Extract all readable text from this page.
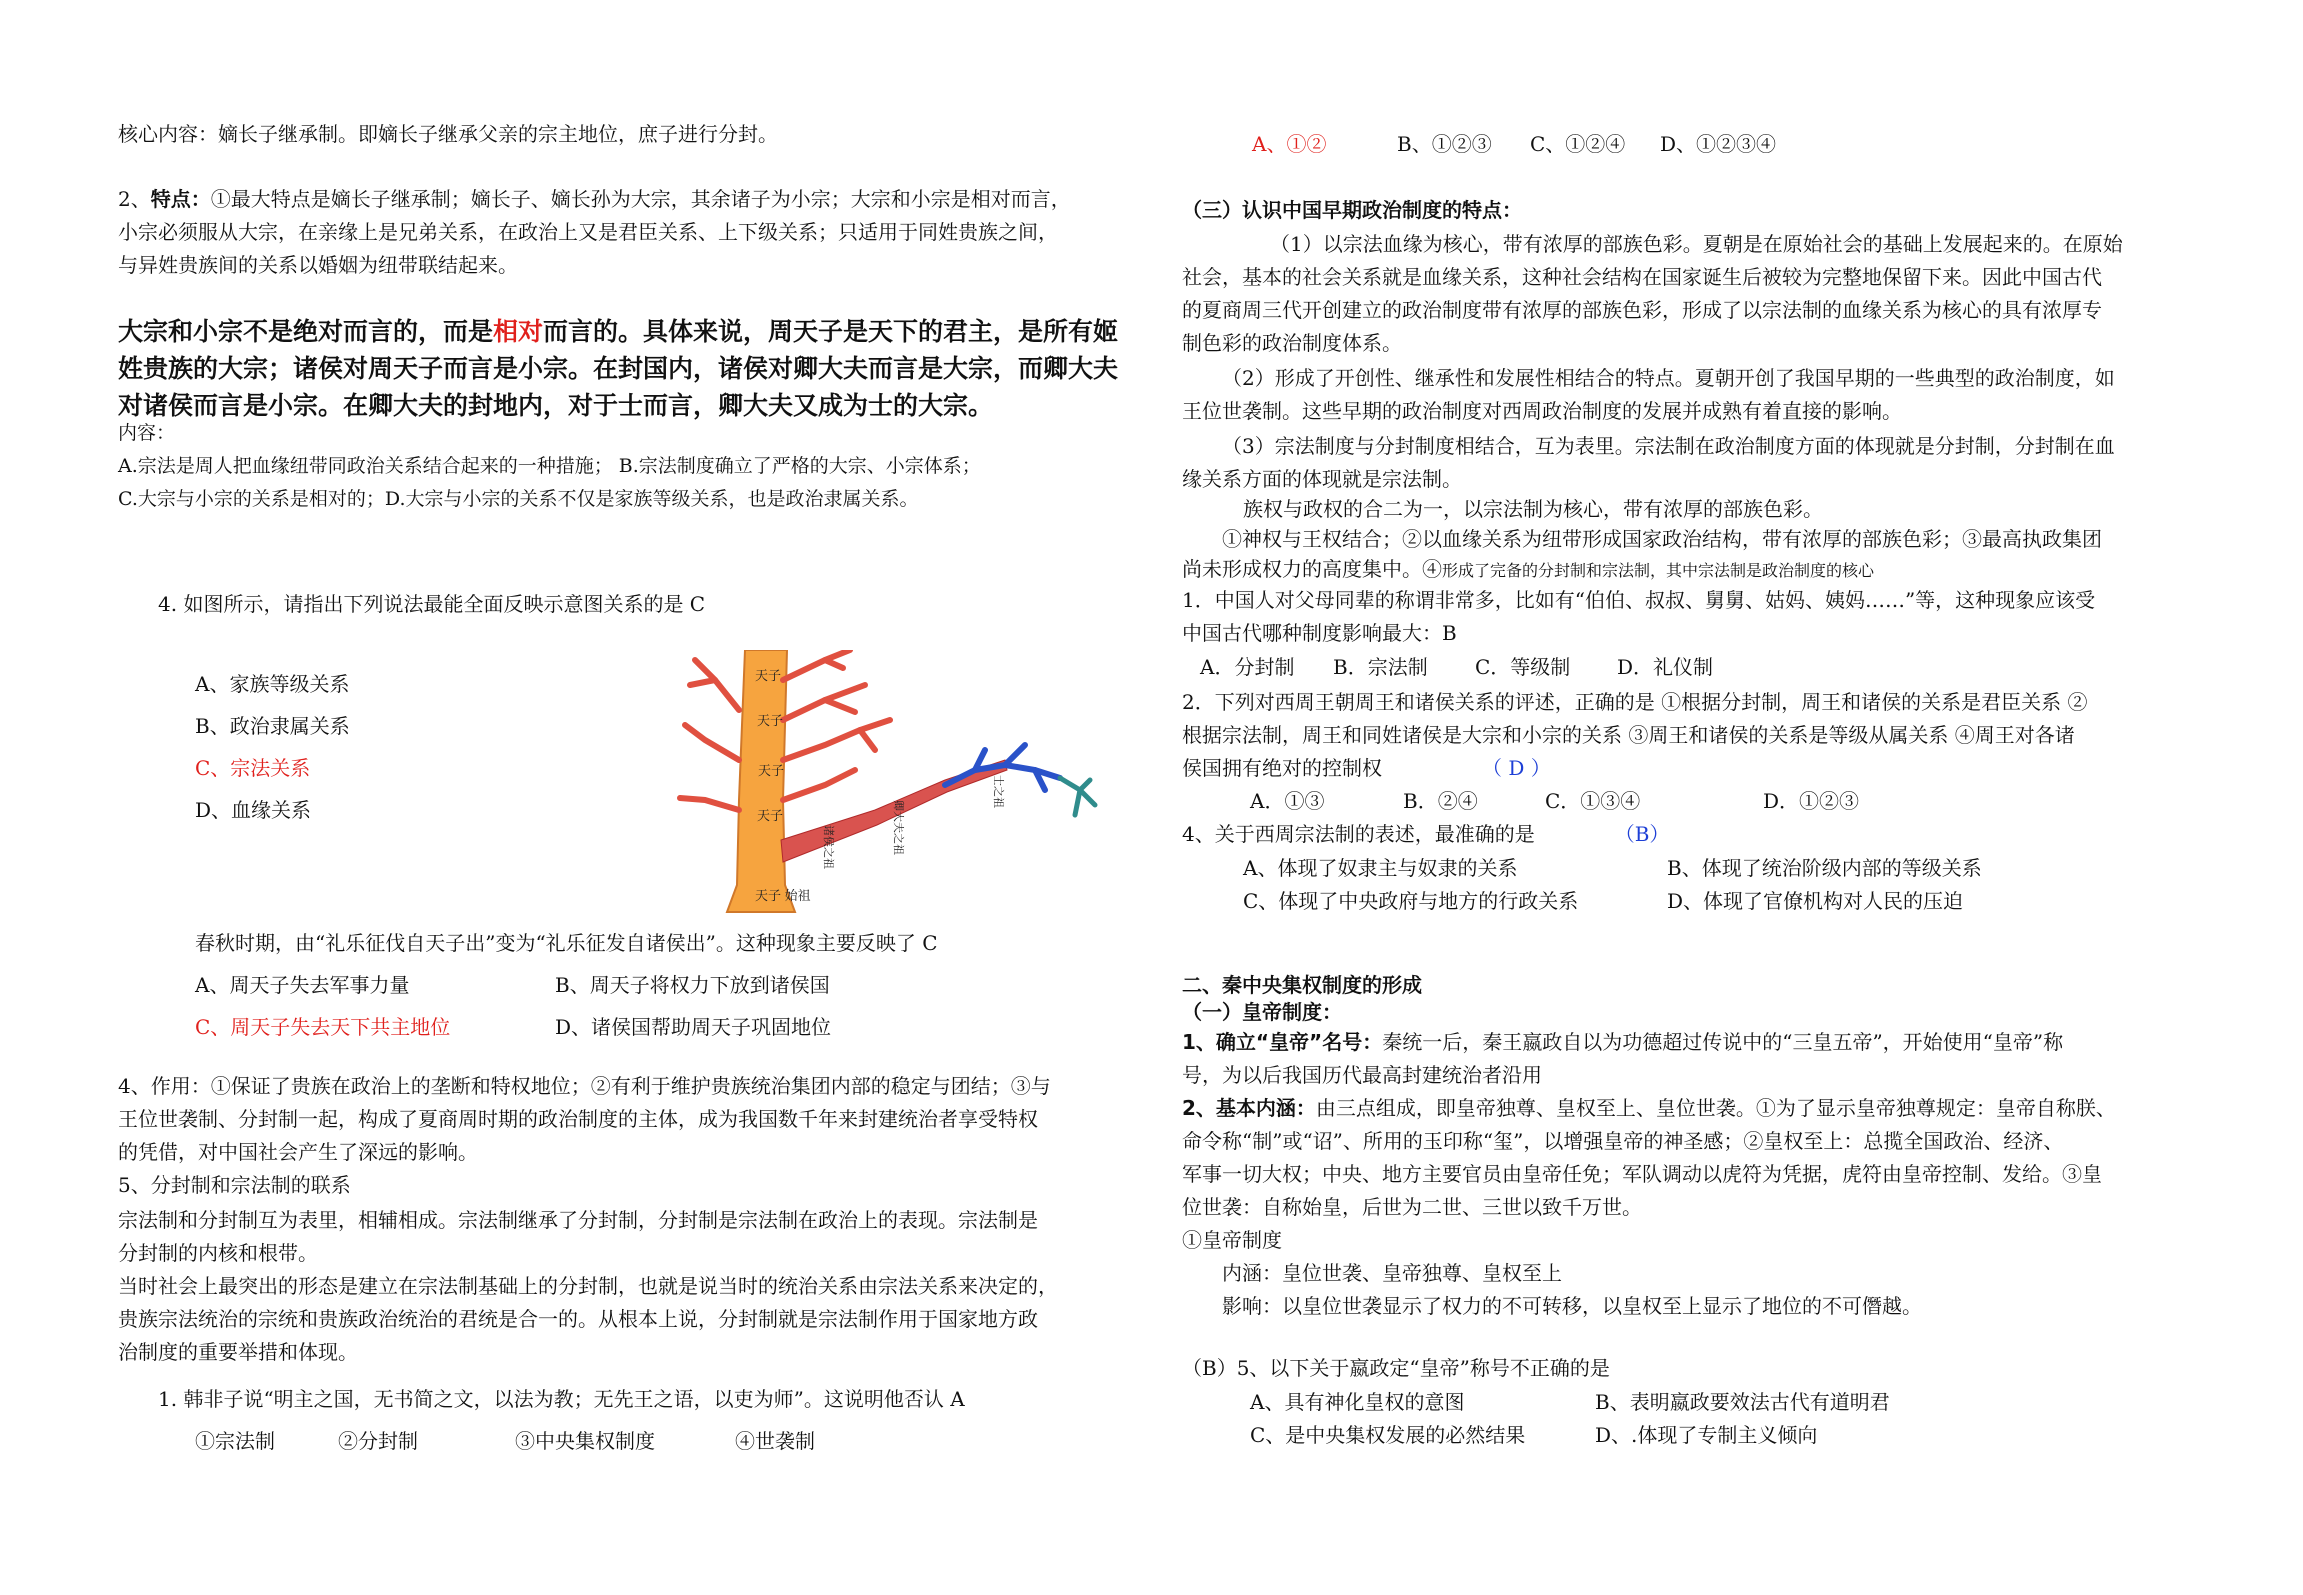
核心内容：嫡长子继承制。即嫡长子继承父亲的宗主地位，庶子进行分封。
2、特点：①最大特点是嫡长子继承制；嫡长子、嫡长孙为大宗，其余诸子为小宗；大宗和小宗是相对而言，
小宗必须服从大宗，在亲缘上是兄弟关系，在政治上又是君臣关系、上下级关系；只适用于同姓贵族之间，
与异姓贵族间的关系以婚姻为纽带联结起来。
大宗和小宗不是绝对而言的，而是相对而言的。具体来说，周天子是天下的君主，是所有姬
姓贵族的大宗；诸侯对周天子而言是小宗。在封国内，诸侯对卿大夫而言是大宗，而卿大夫
对诸侯而言是小宗。在卿大夫的封地内，对于士而言，卿大夫又成为士的大宗。
内容：
A.宗法是周人把血缘纽带同政治关系结合起来的一种措施； B.宗法制度确立了严格的大宗、小宗体系；
C.大宗与小宗的关系是相对的；D.大宗与小宗的关系不仅是家族等级关系，也是政治隶属关系。
4. 如图所示，请指出下列说法最能全面反映示意图关系的是 C
A、家族等级关系
B、政治隶属关系
C、宗法关系
D、血缘关系
天子
天子
天子
天子
天子 始祖
诸侯之祖	卿大夫之祖
士之祖
春秋时期，由“礼乐征伐自天子出”变为“礼乐征发自诸侯出”。这种现象主要反映了 C
A、周天子失去军事力量	B、周天子将权力下放到诸侯国
C、周天子失去天下共主地位	D、诸侯国帮助周天子巩固地位
4、作用：①保证了贵族在政治上的垄断和特权地位；②有利于维护贵族统治集团内部的稳定与团结；③与
王位世袭制、分封制一起，构成了夏商周时期的政治制度的主体，成为我国数千年来封建统治者享受特权
的凭借，对中国社会产生了深远的影响。
5、分封制和宗法制的联系
宗法制和分封制互为表里，相辅相成。宗法制继承了分封制，分封制是宗法制在政治上的表现。宗法制是
分封制的内核和根带。
当时社会上最突出的形态是建立在宗法制基础上的分封制，也就是说当时的统治关系由宗法关系来决定的，
贵族宗法统治的宗统和贵族政治统治的君统是合一的。从根本上说，分封制就是宗法制作用于国家地方政
治制度的重要举措和体现。
1. 韩非子说“明主之国，无书简之文，以法为教；无先王之语，以吏为师”。这说明他否认 A
①宗法制	②分封制	③中央集权制度	④世袭制
A、①②	B、①②③ C、①②④ D、①②③④
（三）认识中国早期政治制度的特点：
（1）以宗法血缘为核心，带有浓厚的部族色彩。夏朝是在原始社会的基础上发展起来的。在原始
社会，基本的社会关系就是血缘关系，这种社会结构在国家诞生后被较为完整地保留下来。因此中国古代
的夏商周三代开创建立的政治制度带有浓厚的部族色彩，形成了以宗法制的血缘关系为核心的具有浓厚专
制色彩的政治制度体系。
（2）形成了开创性、继承性和发展性相结合的特点。夏朝开创了我国早期的一些典型的政治制度，如
王位世袭制。这些早期的政治制度对西周政治制度的发展并成熟有着直接的影响。
（3）宗法制度与分封制度相结合，互为表里。宗法制在政治制度方面的体现就是分封制，分封制在血
缘关系方面的体现就是宗法制。
族权与政权的合二为一，以宗法制为核心，带有浓厚的部族色彩。
①神权与王权结合；②以血缘关系为纽带形成国家政治结构，带有浓厚的部族色彩；③最高执政集团
尚未形成权力的高度集中。④形成了完备的分封制和宗法制，其中宗法制是政治制度的核心
1．中国人对父母同辈的称谓非常多，比如有“伯伯、叔叔、舅舅、姑妈、姨妈……”等，这种现象应该受
中国古代哪种制度影响最大：B
A．分封制 B．宗法制 C．等级制 D．礼仪制
2．下列对西周王朝周王和诸侯关系的评述，正确的是 ①根据分封制，周王和诸侯的关系是君臣关系 ②
根据宗法制，周王和同姓诸侯是大宗和小宗的关系 ③周王和诸侯的关系是等级从属关系 ④周王对各诸
侯国拥有绝对的控制权	（ D ）
A．①③	B．②④	C．①③④	D．①②③
4、关于西周宗法制的表述，最准确的是	（B）
A、体现了奴隶主与奴隶的关系	B、体现了统治阶级内部的等级关系
C、体现了中央政府与地方的行政关系	D、体现了官僚机构对人民的压迫
二、秦中央集权制度的形成
（一）皇帝制度：
1、确立“皇帝”名号：秦统一后，秦王嬴政自以为功德超过传说中的“三皇五帝”，开始使用“皇帝”称
号，为以后我国历代最高封建统治者沿用
2、基本内涵：由三点组成，即皇帝独尊、皇权至上、皇位世袭。①为了显示皇帝独尊规定：皇帝自称朕、
命令称“制”或“诏”、所用的玉印称“玺”，以增强皇帝的神圣感；②皇权至上：总揽全国政治、经济、
军事一切大权；中央、地方主要官员由皇帝任免；军队调动以虎符为凭据，虎符由皇帝控制、发给。③皇
位世袭：自称始皇，后世为二世、三世以致千万世。
①皇帝制度
内涵：皇位世袭、皇帝独尊、皇权至上
影响：以皇位世袭显示了权力的不可转移，以皇权至上显示了地位的不可僭越。
（B）5、以下关于嬴政定“皇帝”称号不正确的是
A、具有神化皇权的意图	B、表明嬴政要效法古代有道明君
C、是中央集权发展的必然结果	D、.体现了专制主义倾向
